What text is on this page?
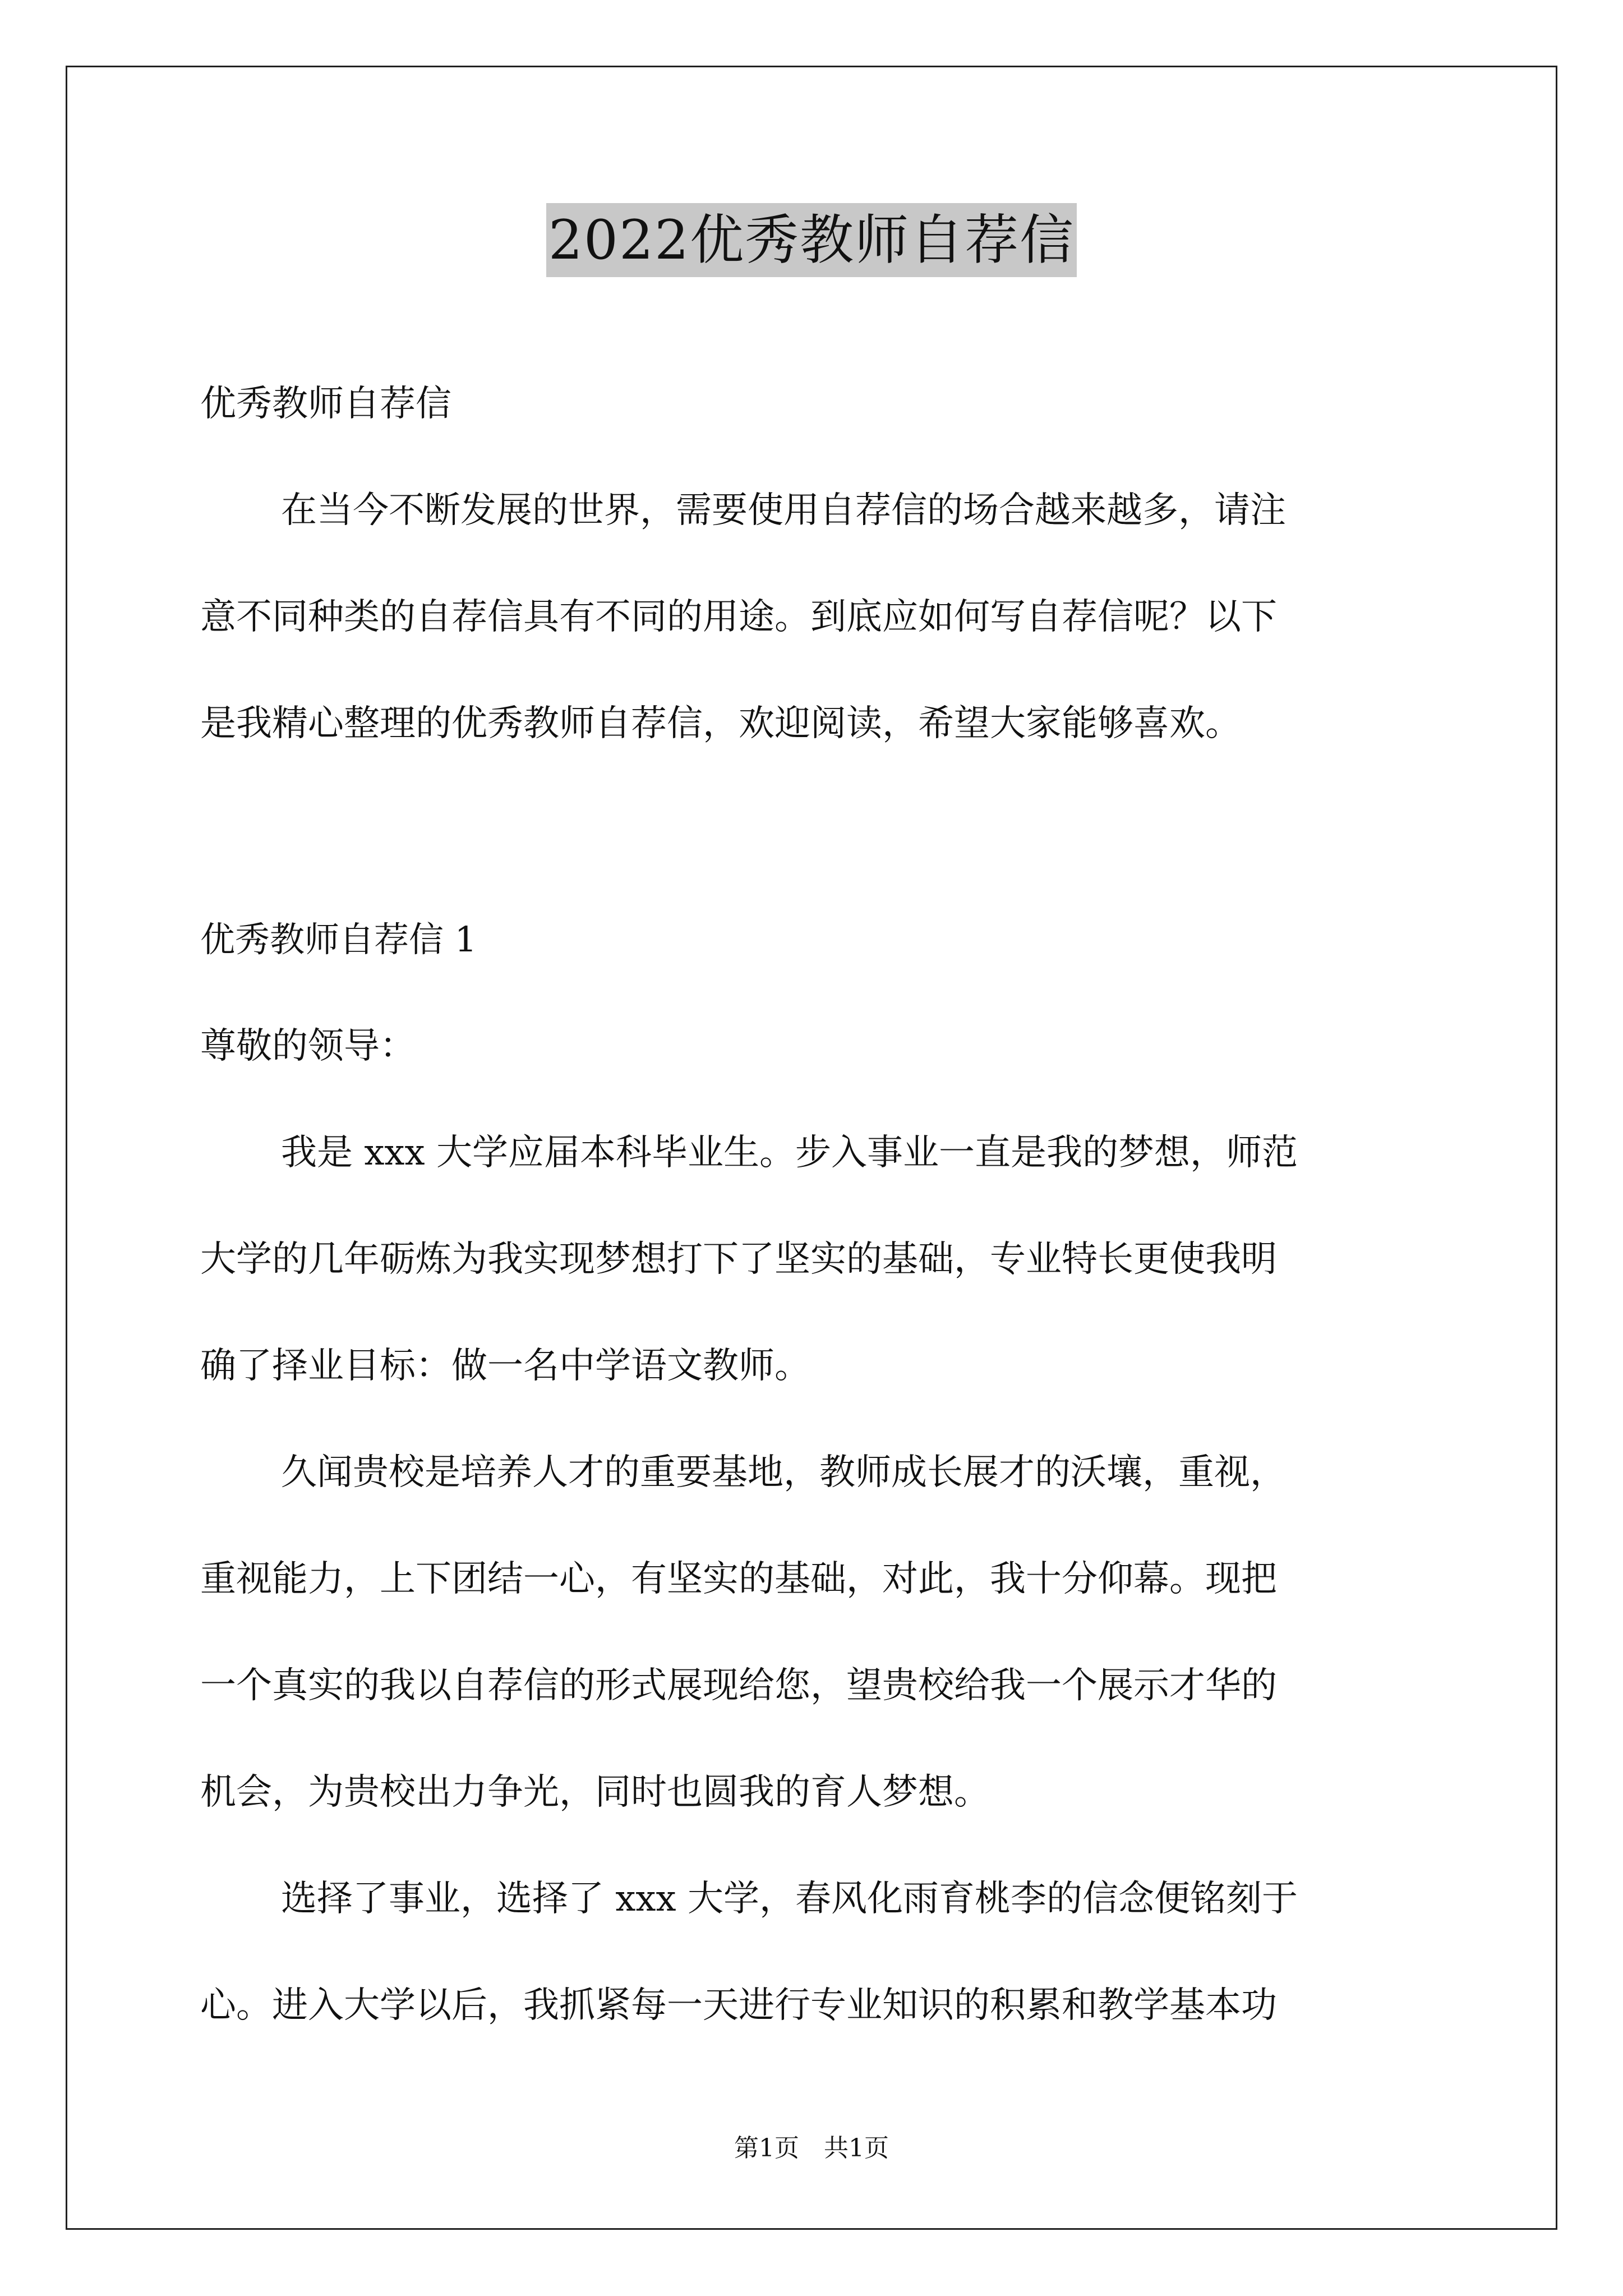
2022优秀教师自荐信
优秀教师自荐信
在当今不断发展的世界，需要使用自荐信的场合越来越多，请注
意不同种类的自荐信具有不同的用途。到底应如何写自荐信呢？以下
是我精心整理的优秀教师自荐信，欢迎阅读，希望大家能够喜欢。
优秀教师自荐信 1
尊敬的领导：
我是 xxx 大学应届本科毕业生。步入事业一直是我的梦想，师范
大学的几年砺炼为我实现梦想打下了坚实的基础，专业特长更使我明
确了择业目标：做一名中学语文教师。
久闻贵校是培养人才的重要基地，教师成长展才的沃壤，重视，
重视能力，上下团结一心，有坚实的基础，对此，我十分仰幕。现把
一个真实的我以自荐信的形式展现给您，望贵校给我一个展示才华的
机会，为贵校出力争光，同时也圆我的育人梦想。
选择了事业，选择了 xxx 大学，春风化雨育桃李的信念便铭刻于
心。进入大学以后，我抓紧每一天进行专业知识的积累和教学基本功
第1页　共1页
